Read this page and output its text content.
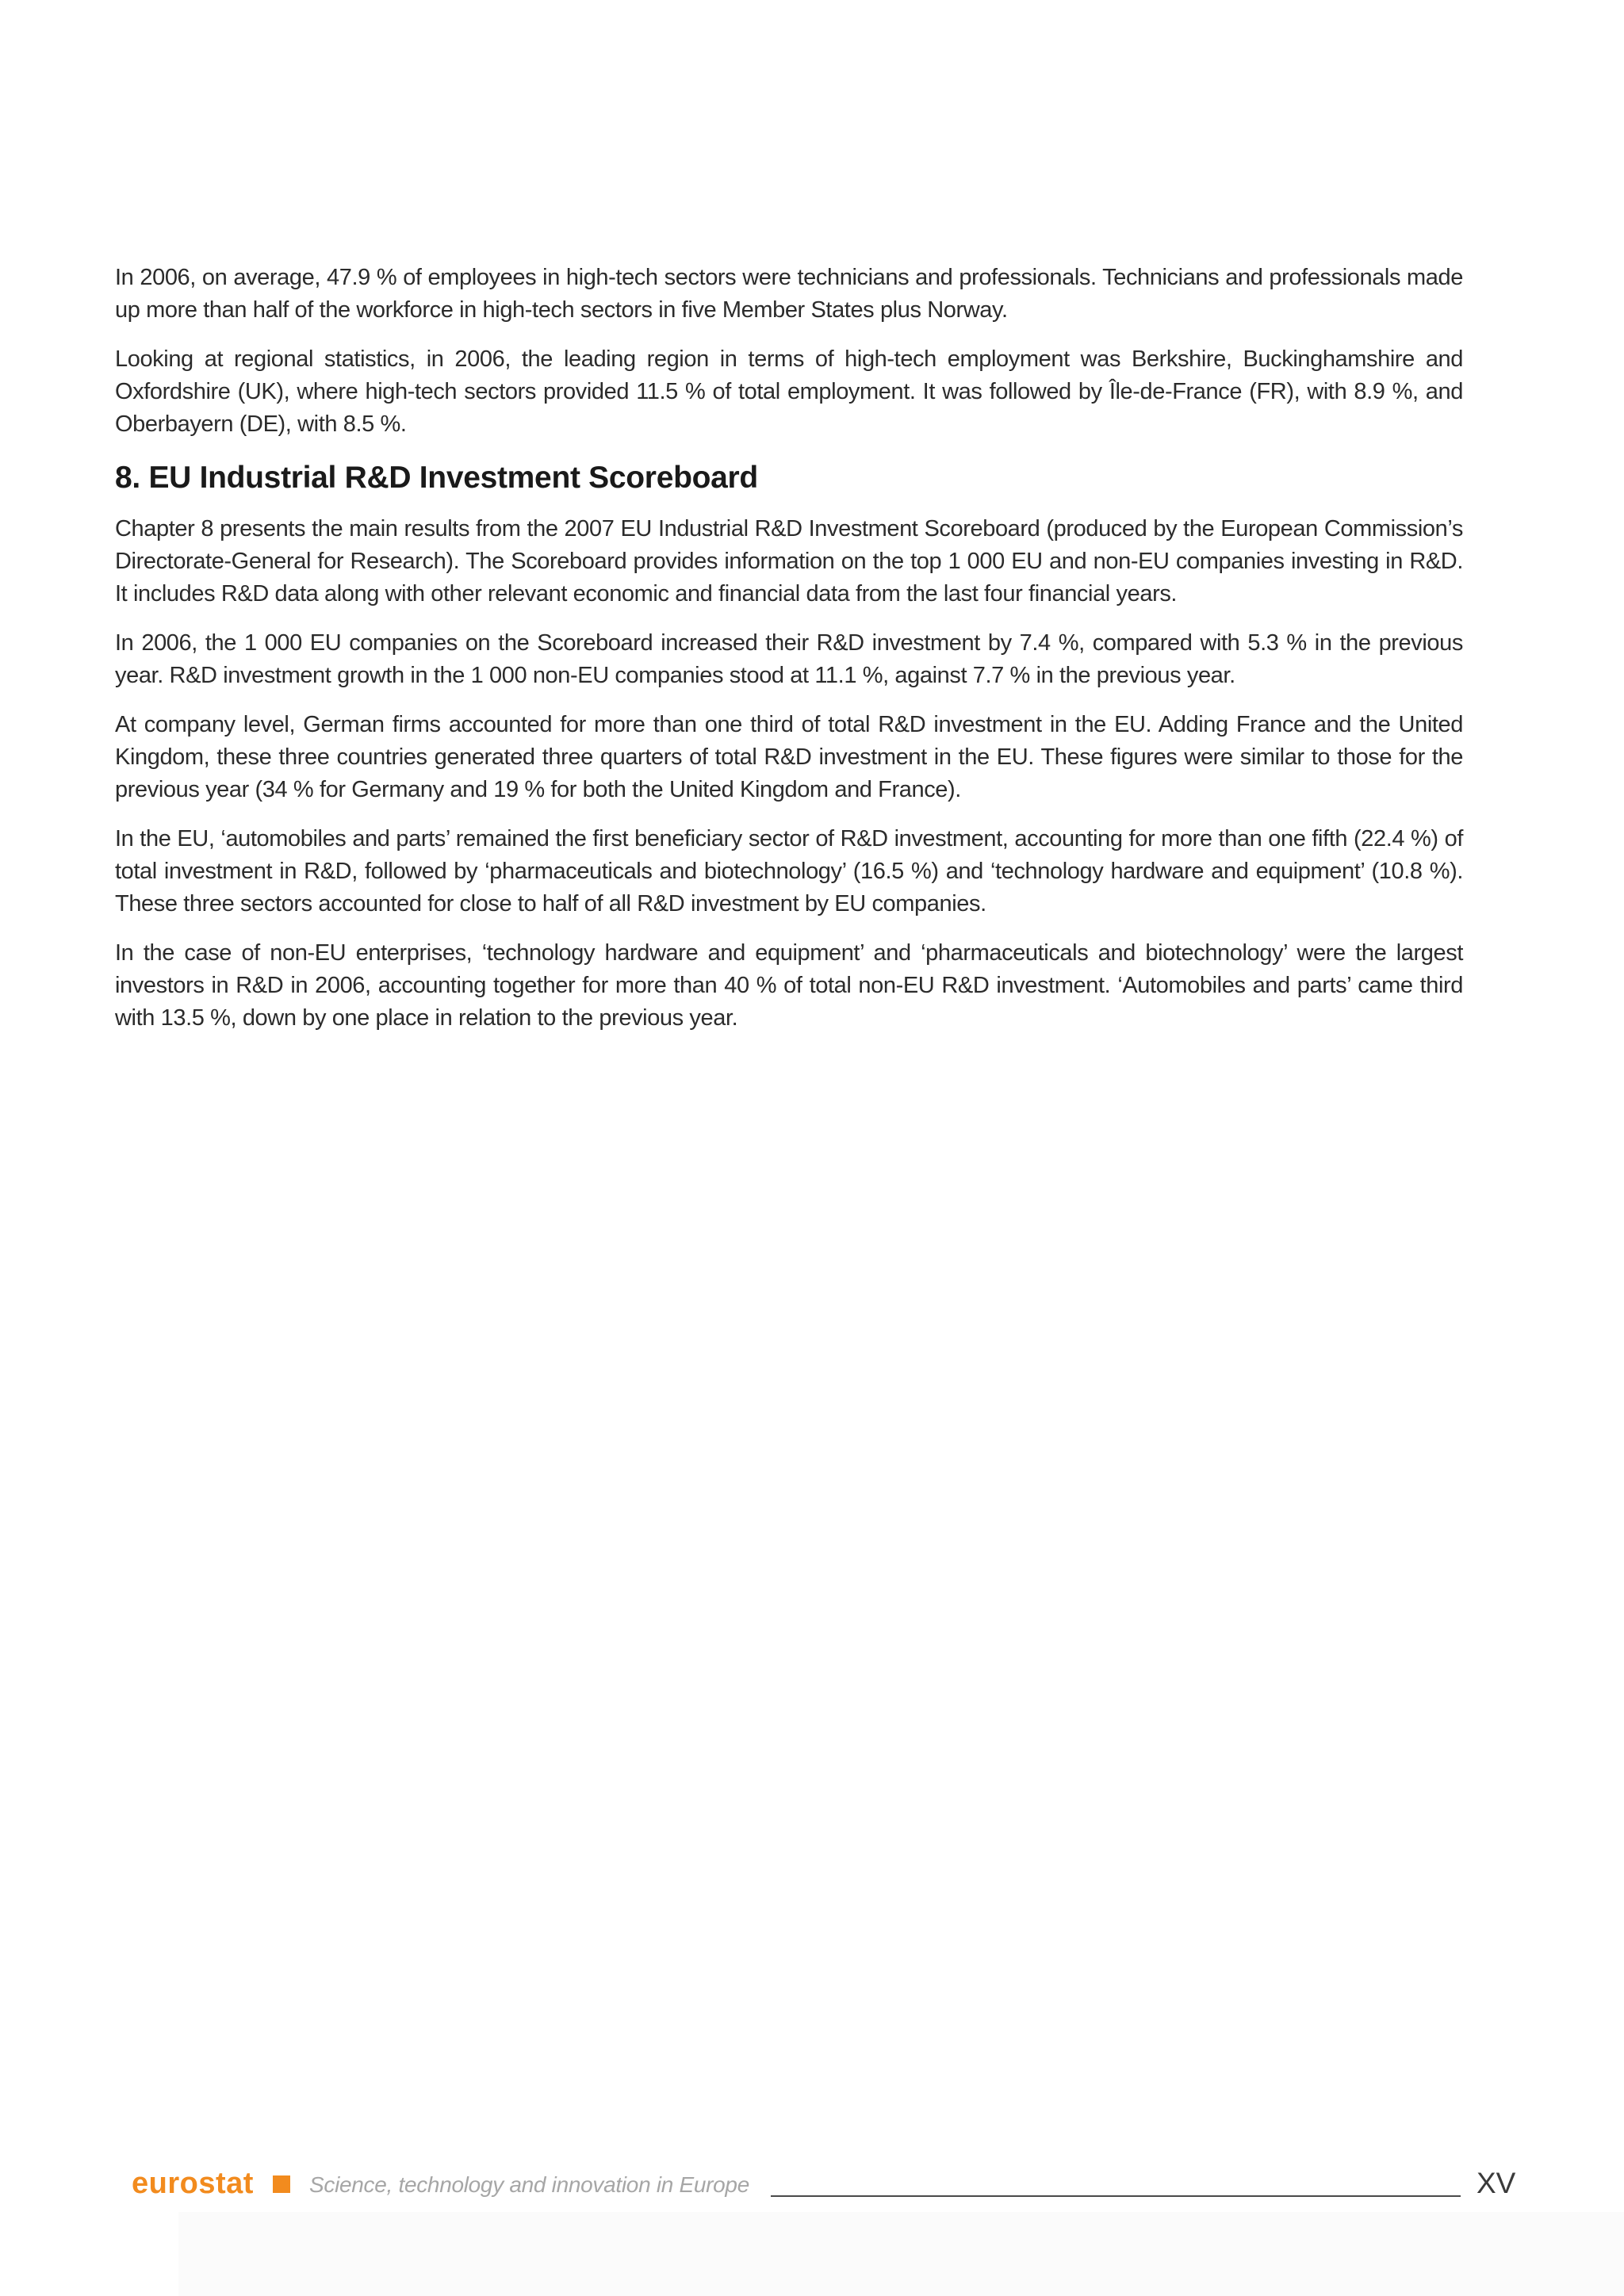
In 2006, on average, 47.9 % of employees in high-tech sectors were technicians and professionals. Technicians and professionals made up more than half of the workforce in high-tech sectors in five Member States plus Norway.

Looking at regional statistics, in 2006, the leading region in terms of high-tech employment was Berkshire, Buckinghamshire and Oxfordshire (UK), where high-tech sectors provided 11.5 % of total employment. It was followed by Île-de-France (FR), with 8.9 %, and Oberbayern (DE), with 8.5 %.

8. EU Industrial R&D Investment Scoreboard

Chapter 8 presents the main results from the 2007 EU Industrial R&D Investment Scoreboard (produced by the European Commission’s Directorate-General for Research). The Scoreboard provides information on the top 1 000 EU and non-EU companies investing in R&D. It includes R&D data along with other relevant economic and financial data from the last four financial years.

In 2006, the 1 000 EU companies on the Scoreboard increased their R&D investment by 7.4 %, compared with 5.3 % in the previous year. R&D investment growth in the 1 000 non-EU companies stood at 11.1 %, against 7.7 % in the previous year.

At company level, German firms accounted for more than one third of total R&D investment in the EU. Adding France and the United Kingdom, these three countries generated three quarters of total R&D investment in the EU. These figures were similar to those for the previous year (34 % for Germany and 19 % for both the United Kingdom and France).

In the EU, ‘automobiles and parts’ remained the first beneficiary sector of R&D investment, accounting for more than one fifth (22.4 %) of total investment in R&D, followed by ‘pharmaceuticals and biotechnology’ (16.5 %) and ‘technology hardware and equipment’ (10.8 %). These three sectors accounted for close to half of all R&D investment by EU companies.

In the case of non-EU enterprises, ‘technology hardware and equipment’ and ‘pharmaceuticals and biotechnology’ were the largest investors in R&D in 2006, accounting together for more than 40 % of total non-EU R&D investment. ‘Automobiles and parts’ came third with 13.5 %, down by one place in relation to the previous year.

eurostat	Science, technology and innovation in Europe	XV
